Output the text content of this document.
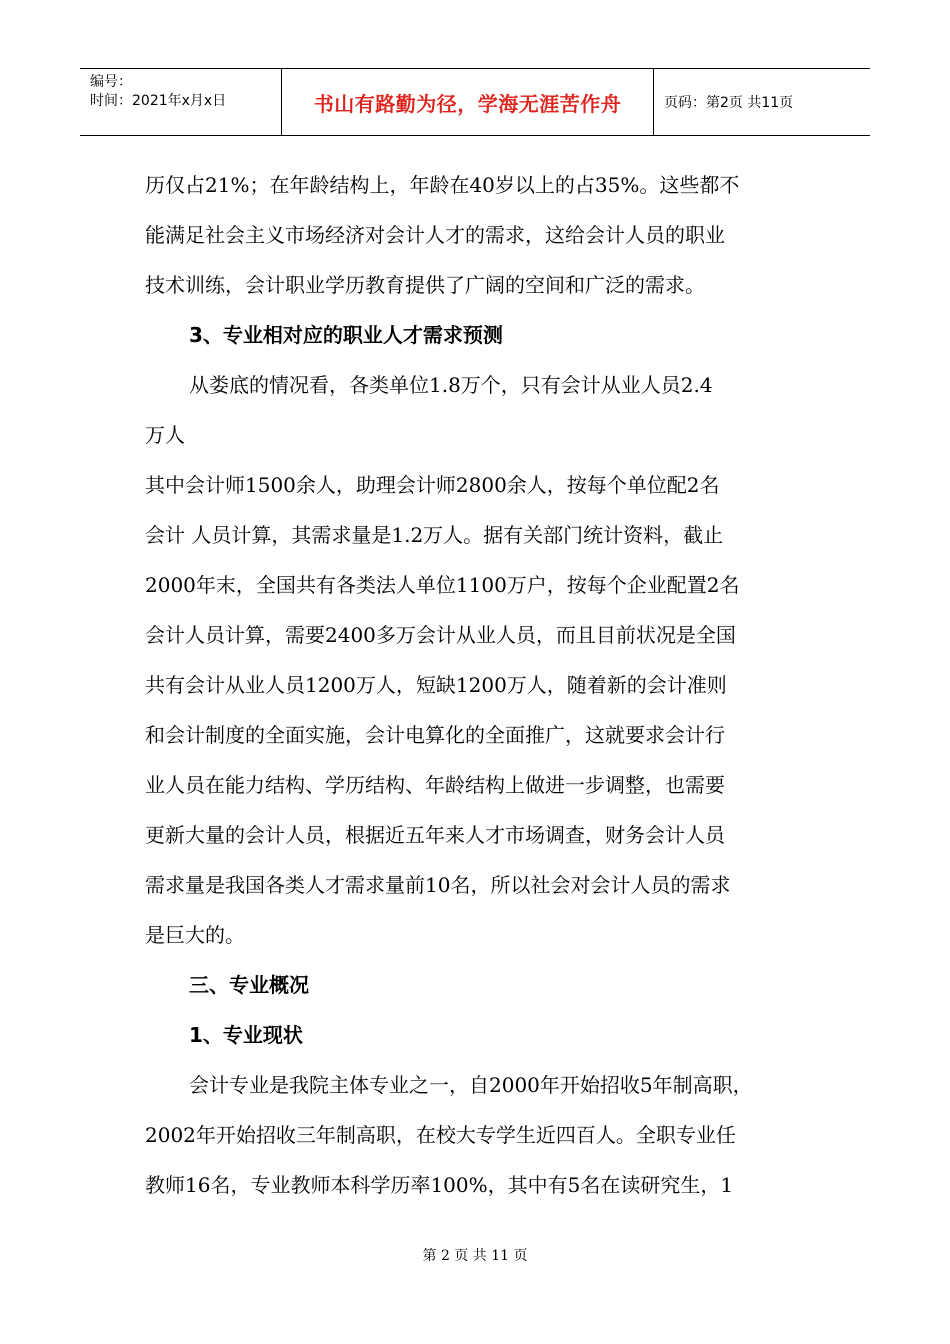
编号：
时间：2021年x月x日	书山有路勤为径，学海无涯苦作舟	页码：第2页 共11页
历仅占21%；在年龄结构上，年龄在40岁以上的占35%。这些都不
能满足社会主义市场经济对会计人才的需求，这给会计人员的职业
技术训练，会计职业学历教育提供了广阔的空间和广泛的需求。
3、专业相对应的职业人才需求预测
从娄底的情况看，各类单位1.8万个，只有会计从业人员2.4
万人
其中会计师1500余人，助理会计师2800余人，按每个单位配2名
会计 人员计算，其需求量是1.2万人。据有关部门统计资料，截止
2000年末，全国共有各类法人单位1100万户，按每个企业配置2名
会计人员计算，需要2400多万会计从业人员，而且目前状况是全国
共有会计从业人员1200万人，短缺1200万人，随着新的会计准则
和会计制度的全面实施，会计电算化的全面推广，这就要求会计行
业人员在能力结构、学历结构、年龄结构上做进一步调整，也需要
更新大量的会计人员，根据近五年来人才市场调查，财务会计人员
需求量是我国各类人才需求量前10名，所以社会对会计人员的需求
是巨大的。
三、专业概况
1、专业现状
会计专业是我院主体专业之一，自2000年开始招收5年制高职，
2002年开始招收三年制高职，在校大专学生近四百人。全职专业任
教师16名，专业教师本科学历率100%，其中有5名在读研究生，1
第 2 页 共 11 页
